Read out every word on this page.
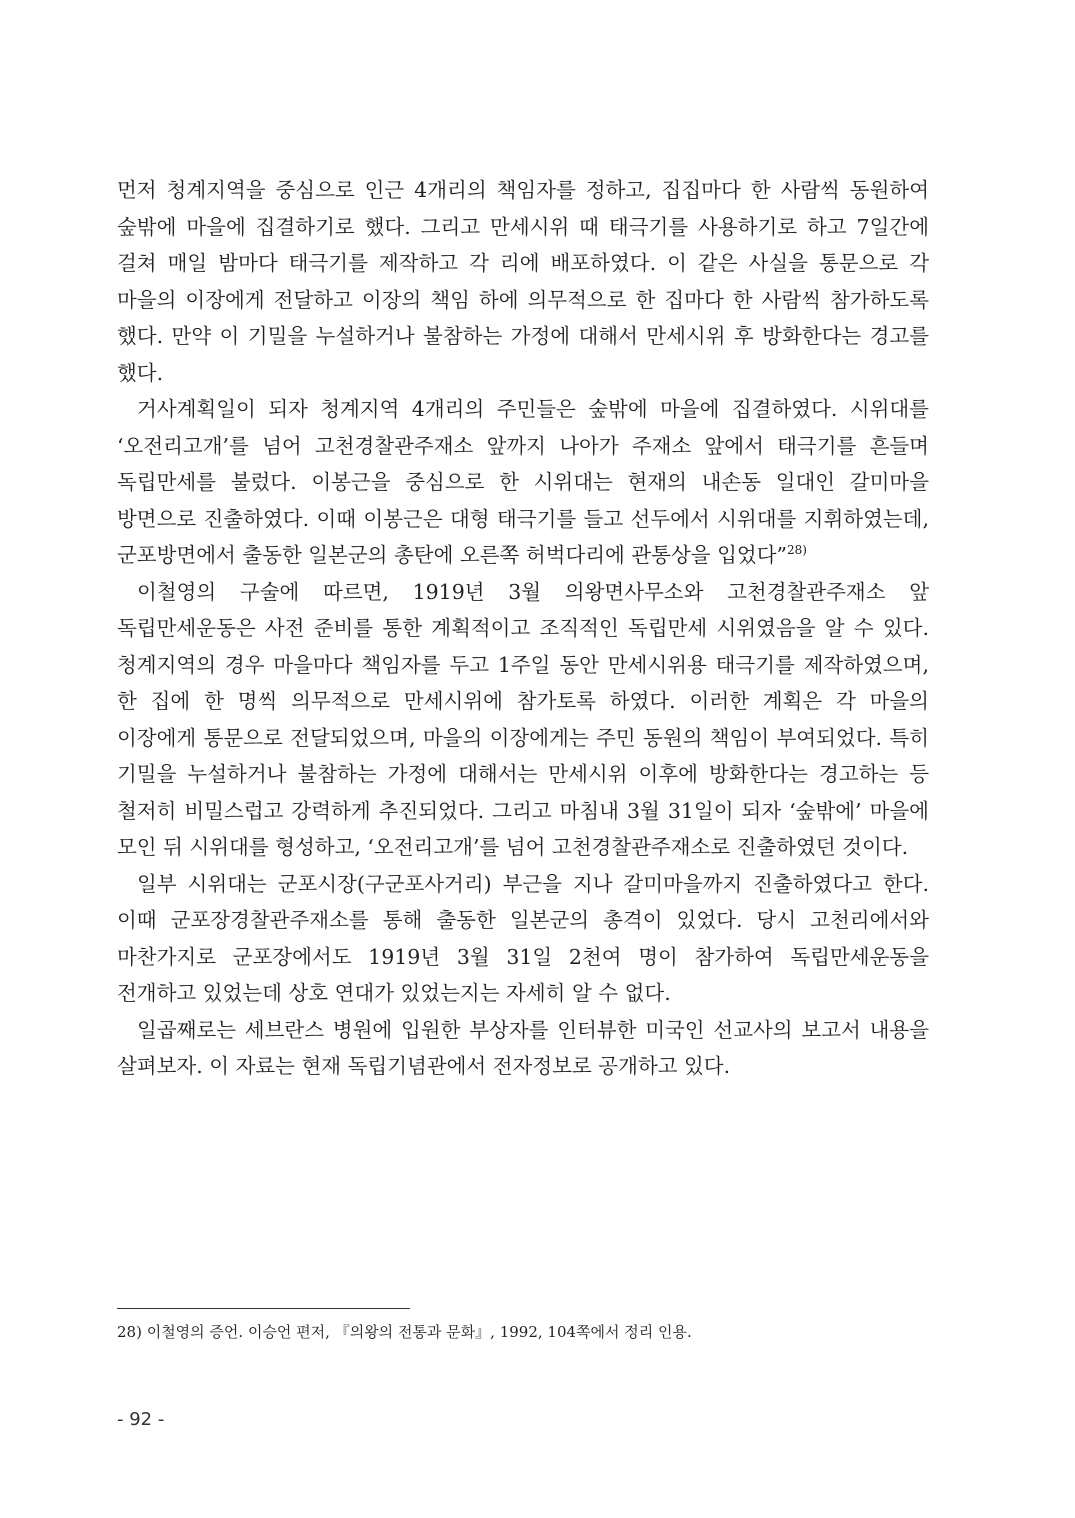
먼저 청계지역을 중심으로 인근 4개리의 책임자를 정하고, 집집마다 한 사람씩 동원하여 숲밖에 마을에 집결하기로 했다. 그리고 만세시위 때 태극기를 사용하기로 하고 7일간에 걸쳐 매일 밤마다 태극기를 제작하고 각 리에 배포하였다. 이 같은 사실을 통문으로 각 마을의 이장에게 전달하고 이장의 책임 하에 의무적으로 한 집마다 한 사람씩 참가하도록 했다. 만약 이 기밀을 누설하거나 불참하는 가정에 대해서 만세시위 후 방화한다는 경고를 했다.

거사계획일이 되자 청계지역 4개리의 주민들은 숲밖에 마을에 집결하였다. 시위대를 ‘오전리고개’를 넘어 고천경찰관주재소 앞까지 나아가 주재소 앞에서 태극기를 흔들며 독립만세를 불렀다. 이봉근을 중심으로 한 시위대는 현재의 내손동 일대인 갈미마을 방면으로 진출하였다. 이때 이봉근은 대형 태극기를 들고 선두에서 시위대를 지휘하였는데, 군포방면에서 출동한 일본군의 총탄에 오른쪽 허벅다리에 관통상을 입었다”$^{28)}$

이철영의 구술에 따르면, 1919년 3월 의왕면사무소와 고천경찰관주재소 앞 독립만세운동은 사전 준비를 통한 계획적이고 조직적인 독립만세 시위였음을 알 수 있다. 청계지역의 경우 마을마다 책임자를 두고 1주일 동안 만세시위용 태극기를 제작하였으며, 한 집에 한 명씩 의무적으로 만세시위에 참가토록 하였다. 이러한 계획은 각 마을의 이장에게 통문으로 전달되었으며, 마을의 이장에게는 주민 동원의 책임이 부여되었다. 특히 기밀을 누설하거나 불참하는 가정에 대해서는 만세시위 이후에 방화한다는 경고하는 등 철저히 비밀스럽고 강력하게 추진되었다. 그리고 마침내 3월 31일이 되자 ‘숲밖에’ 마을에 모인 뒤 시위대를 형성하고, ‘오전리고개’를 넘어 고천경찰관주재소로 진출하였던 것이다.

일부 시위대는 군포시장(구군포사거리) 부근을 지나 갈미마을까지 진출하였다고 한다. 이때 군포장경찰관주재소를 통해 출동한 일본군의 총격이 있었다. 당시 고천리에서와 마찬가지로 군포장에서도 1919년 3월 31일 2천여 명이 참가하여 독립만세운동을 전개하고 있었는데 상호 연대가 있었는지는 자세히 알 수 없다.

일곱째로는 세브란스 병원에 입원한 부상자를 인터뷰한 미국인 선교사의 보고서 내용을 살펴보자. 이 자료는 현재 독립기념관에서 전자정보로 공개하고 있다.

28) 이철영의 증언. 이승언 편저, 『의왕의 전통과 문화』, 1992, 104쪽에서 정리 인용.

- 92 -
